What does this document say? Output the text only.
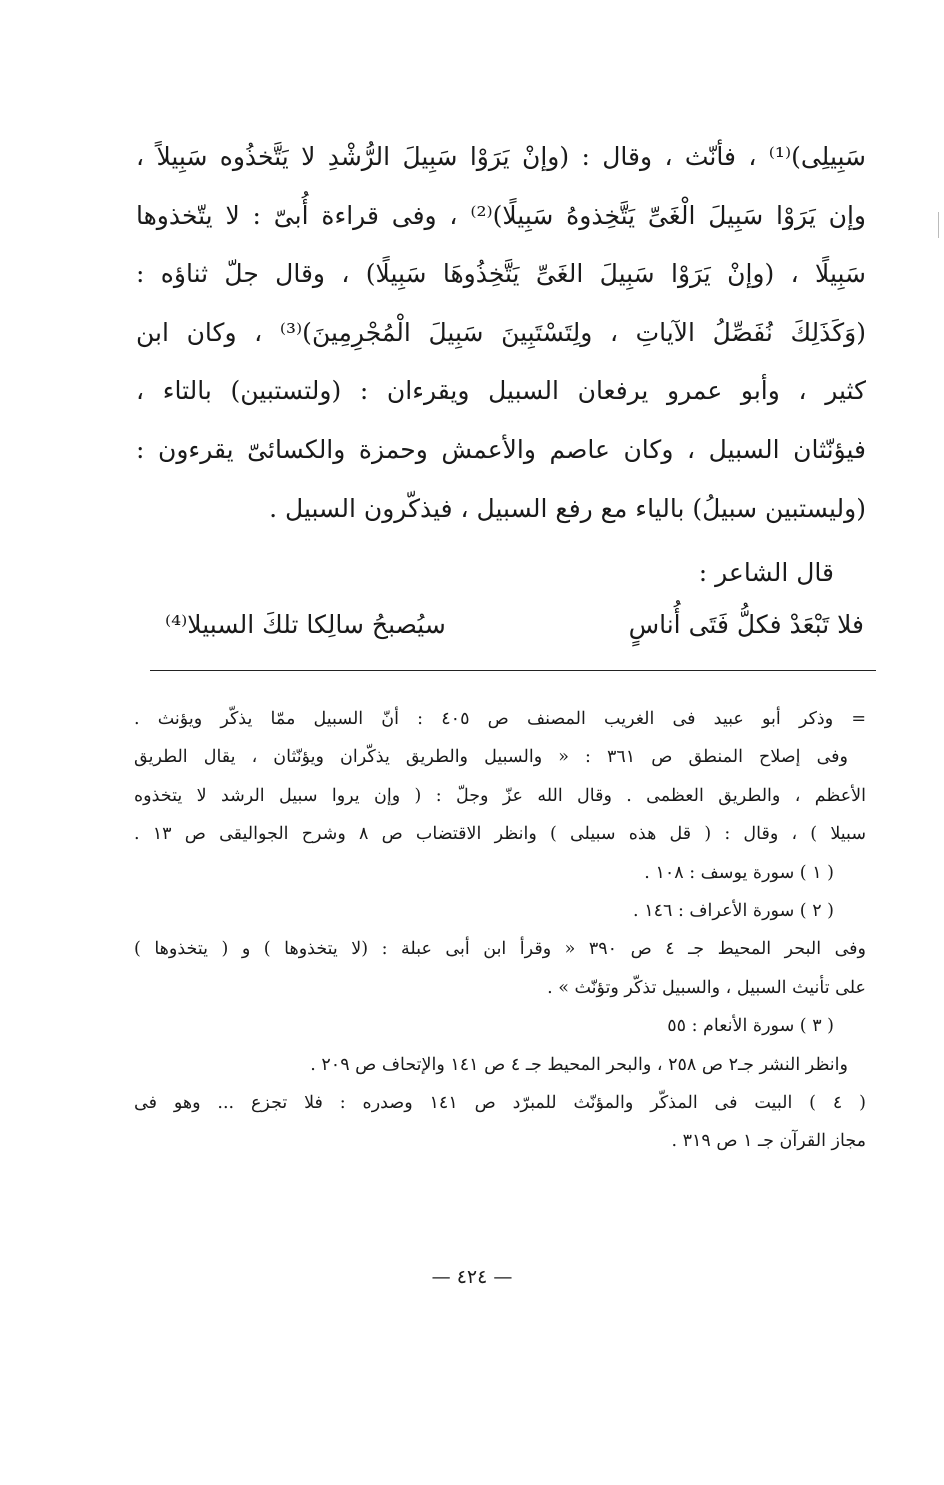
سَبِيلِى)⁽¹⁾ ، فأنّث ، وقال : (وإنْ يَرَوْا سَبِيلَ الرُّشْدِ لا يَتَّخذُوه سَبِيلاً ،
وإن يَرَوْا سَبِيلَ الْغَىِّ يَتَّخِذوهُ سَبِيلًا)⁽²⁾ ، وفى قراءة أُبىّ : لا يتّخذوها
سَبِيلًا ، (وإنْ يَرَوْا سَبِيلَ الغَىِّ يَتَّخِذُوهَا سَبِيلًا) ، وقال جلّ ثناؤه :
(وَكَذَلِكَ نُفَصِّلُ الآياتِ ، ولِتَسْتَبِينَ سَبِيلَ الْمُجْرِمِينَ)⁽³⁾ ، وكان ابن
كثير ، وأبو عمرو يرفعان السبيل ويقرءان : (ولتستبين) بالتاء ،
فيؤنّثان السبيل ، وكان عاصم والأعمش وحمزة والكسائىّ يقرءون :
(وليستبين سبيلُ) بالياء مع رفع السبيل ، فيذكّرون السبيل .
قال الشاعر :
فلا تَبْعَدْ فكلُّ فَتَى أُناسٍ
سيُصبحُ سالِكا تلكَ السبيلا⁽⁴⁾
= وذكر أبو عبيد فى الغريب المصنف ص ٤٠٥ : أنّ السبيل ممّا يذكّر ويؤنث .
وفى إصلاح المنطق ص ٣٦١ : « والسبيل والطريق يذكّران ويؤنّثان ، يقال الطريق
الأعظم ، والطريق العظمى . وقال الله عزّ وجلّ : ( وإن يروا سبيل الرشد لا يتخذوه
سبيلا ) ، وقال : ( قل هذه سبيلى ) وانظر الاقتضاب ص ٨ وشرح الجواليقى ص ١٣ .
( ١ ) سورة يوسف : ١٠٨ .
( ٢ ) سورة الأعراف : ١٤٦ .
وفى البحر المحيط جـ ٤ ص ٣٩٠ « وقرأ ابن أبى عبلة : (لا يتخذوها ) و ( يتخذوها )
على تأنيث السبيل ، والسبيل تذكّر وتؤنّث » .
( ٣ ) سورة الأنعام : ٥٥
وانظر النشر جـ٢ ص ٢٥٨ ، والبحر المحيط جـ ٤ ص ١٤١ والإتحاف ص ٢٠٩ .
( ٤ ) البيت فى المذكّر والمؤنّث للمبرّد ص ١٤١ وصدره : فلا تجزع ... وهو فى
مجاز القرآن جـ ١ ص ٣١٩ .
— ٤٢٤ —
